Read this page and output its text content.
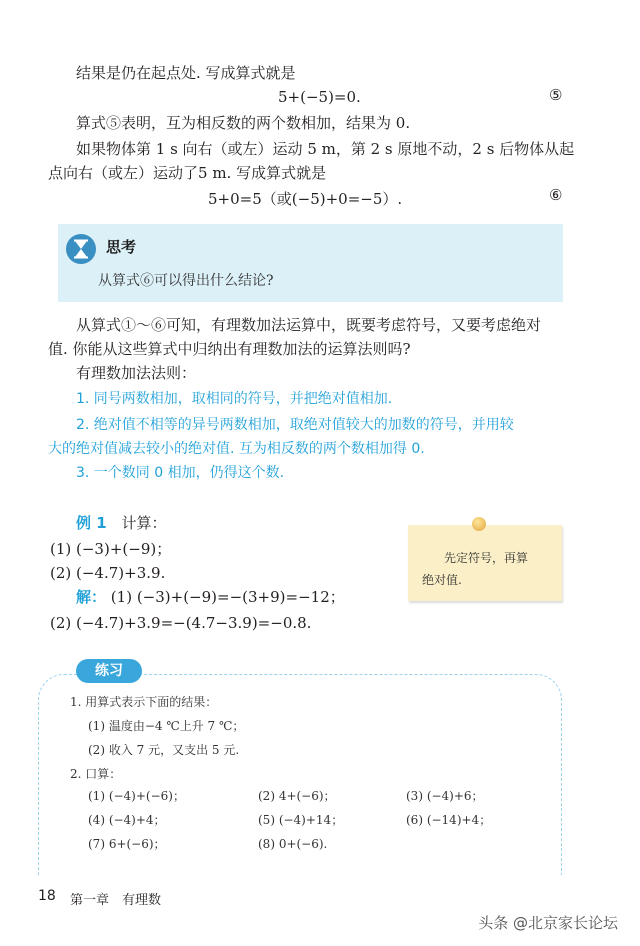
结果是仍在起点处. 写成算式就是
5+(−5)=0.	⑤
算式⑤表明，互为相反数的两个数相加，结果为 0.
如果物体第 1 s 向右（或左）运动 5 m，第 2 s 原地不动，2 s 后物体从起
点向右（或左）运动了5 m. 写成算式就是
5+0=5（或(−5)+0=−5）.	⑥
思考
从算式⑥可以得出什么结论?
从算式①～⑥可知，有理数加法运算中，既要考虑符号，又要考虑绝对
值. 你能从这些算式中归纳出有理数加法的运算法则吗?
有理数加法法则：
1. 同号两数相加，取相同的符号，并把绝对值相加.
2. 绝对值不相等的异号两数相加，取绝对值较大的加数的符号，并用较
大的绝对值减去较小的绝对值. 互为相反数的两个数相加得 0.
3. 一个数同 0 相加，仍得这个数.
例 1 计算：
(1) (−3)+(−9)；
(2) (−4.7)+3.9.
解： (1) (−3)+(−9)=−(3+9)=−12；
(2) (−4.7)+3.9=−(4.7−3.9)=−0.8.
先定符号，再算
绝对值.
练习
1. 用算式表示下面的结果：
(1) 温度由−4 ℃上升 7 ℃；
(2) 收入 7 元，又支出 5 元.
2. 口算：
(1) (−4)+(−6)；	(2) 4+(−6)；	(3) (−4)+6；
(4) (−4)+4；	(5) (−4)+14；	(6) (−14)+4；
(7) 6+(−6)；	(8) 0+(−6).
18 第一章　有理数
头条 @北京家长论坛
